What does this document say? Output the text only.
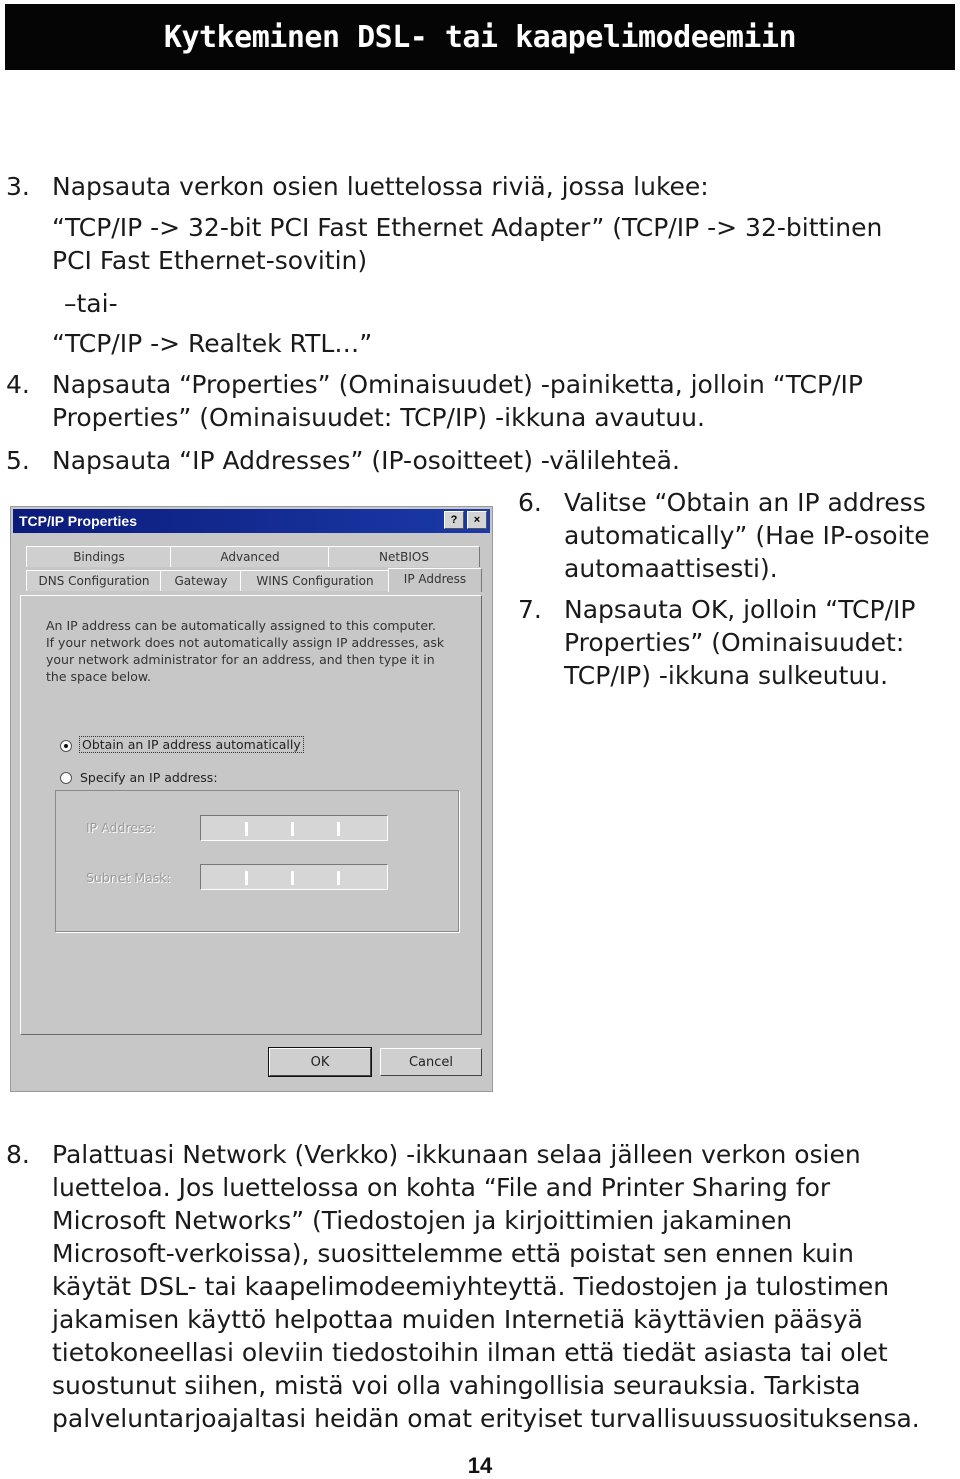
Kytkeminen DSL- tai kaapelimodeemiin
3. Napsauta verkon osien luettelossa riviä, jossa lukee:
“TCP/IP -> 32-bit PCI Fast Ethernet Adapter” (TCP/IP -> 32-bittinen
PCI Fast Ethernet-sovitin)
–tai-
“TCP/IP -> Realtek RTL…”
4. Napsauta “Properties” (Ominaisuudet) -painiketta, jolloin “TCP/IP
Properties” (Ominaisuudet: TCP/IP) -ikkuna avautuu.
5. Napsauta “IP Addresses” (IP-osoitteet) -välilehteä.
6. Valitse “Obtain an IP address
automatically” (Hae IP-osoite
automaattisesti).
7. Napsauta OK, jolloin “TCP/IP
Properties” (Ominaisuudet:
TCP/IP) -ikkuna sulkeutuu.
TCP/IP Properties	? ×
Bindings	Advanced	NetBIOS
DNS Configuration	Gateway	WINS Configuration	IP Address
An IP address can be automatically assigned to this computer.
If your network does not automatically assign IP addresses, ask
your network administrator for an address, and then type it in
the space below.
Obtain an IP address automatically
Specify an IP address:
IP Address:
Subnet Mask:
OK	Cancel
8. Palattuasi Network (Verkko) -ikkunaan selaa jälleen verkon osien
luetteloa. Jos luettelossa on kohta “File and Printer Sharing for
Microsoft Networks” (Tiedostojen ja kirjoittimien jakaminen
Microsoft-verkoissa), suosittelemme että poistat sen ennen kuin
käytät DSL- tai kaapelimodeemiyhteyttä. Tiedostojen ja tulostimen
jakamisen käyttö helpottaa muiden Internetiä käyttävien pääsyä
tietokoneellasi oleviin tiedostoihin ilman että tiedät asiasta tai olet
suostunut siihen, mistä voi olla vahingollisia seurauksia. Tarkista
palveluntarjoajaltasi heidän omat erityiset turvallisuussuosituksensa.
14
